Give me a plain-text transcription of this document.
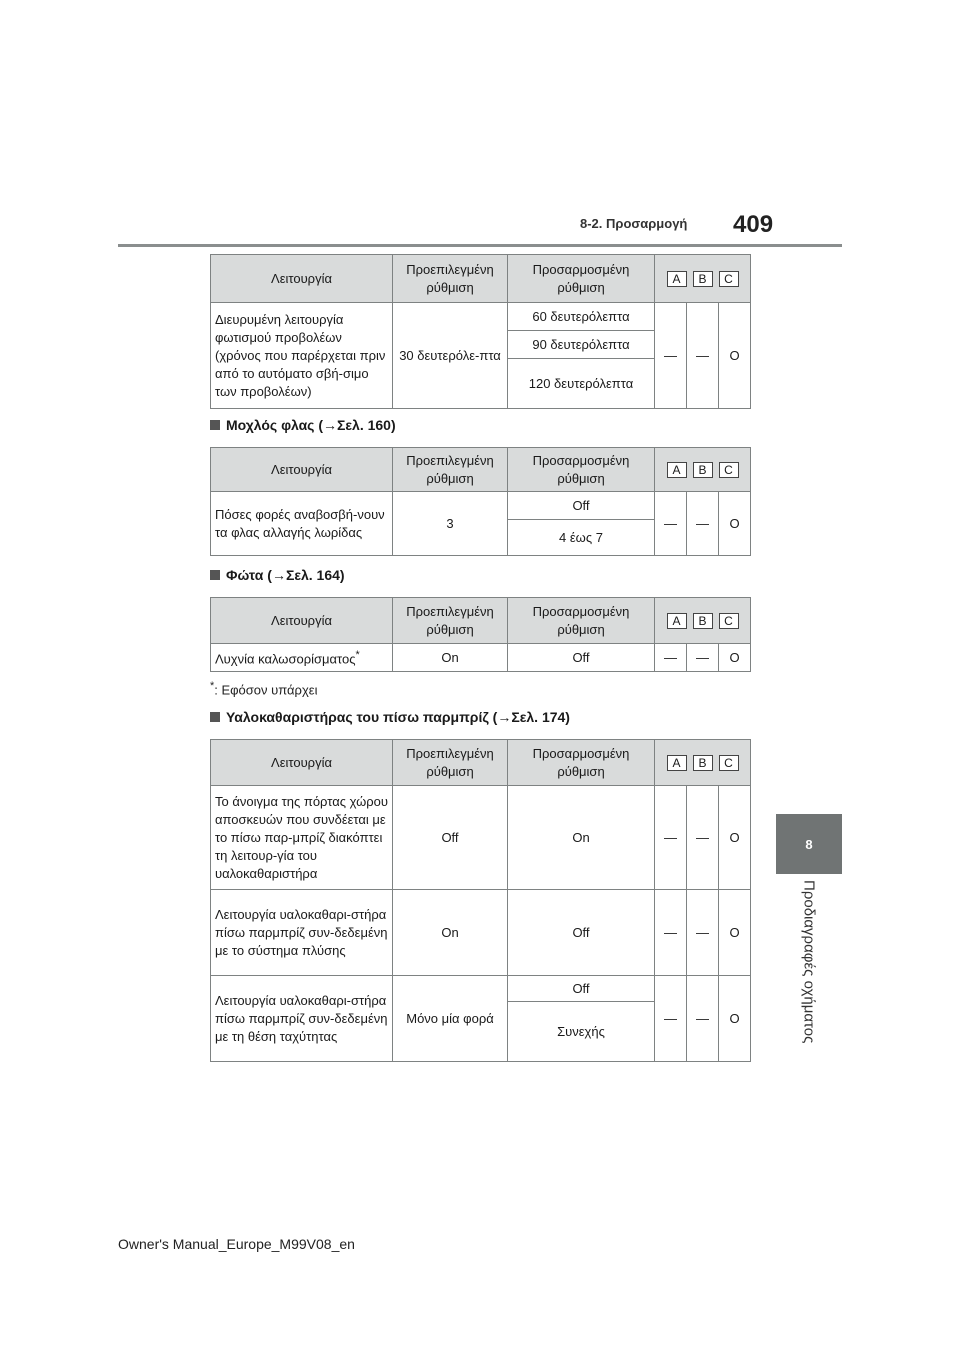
8-2. Προσαρμογή 409
8
Προδιαγραφές οχήματος
Λειτουργία	Προεπιλεγμένη ρύθμιση	Προσαρμοσμένη ρύθμιση	A B C		
Διευρυμένη λειτουργία φωτισμού προβολέων (χρόνος που παρέρχεται πριν από το αυτόματο σβή-σιμο των προβολέων)	30 δευτερόλε-πτα	60 δευτερόλεπτα	—	—	O
		90 δευτερόλεπτα			
		120 δευτερόλεπτα			
Μοχλός φλας (→Σελ. 160)
Λειτουργία	Προεπιλεγμένη ρύθμιση	Προσαρμοσμένη ρύθμιση	A B C		
Πόσες φορές αναβοσβή-νουν τα φλας αλλαγής λωρίδας	3	Off	—	—	O
		4 έως 7			
Φώτα (→Σελ. 164)
Λειτουργία	Προεπιλεγμένη ρύθμιση	Προσαρμοσμένη ρύθμιση	A B C		
Λυχνία καλωσορίσματος*	On	Off	—	—	O
*: Εφόσον υπάρχει
Υαλοκαθαριστήρας του πίσω παρμπρίζ (→Σελ. 174)
Λειτουργία	Προεπιλεγμένη ρύθμιση	Προσαρμοσμένη ρύθμιση	A B C		
Το άνοιγμα της πόρτας χώρου αποσκευών που συνδέεται με το πίσω παρ-μπρίζ διακόπτει τη λειτουρ-γία του υαλοκαθαριστήρα	Off	On	—	—	O
Λειτουργία υαλοκαθαρι-στήρα πίσω παρμπρίζ συν-δεδεμένη με το σύστημα πλύσης	On	Off	—	—	O
Λειτουργία υαλοκαθαρι-στήρα πίσω παρμπρίζ συν-δεδεμένη με τη θέση ταχύτητας	Μόνο μία φορά	Off	—	—	O
		Συνεχής			
Owner's Manual_Europe_M99V08_en
